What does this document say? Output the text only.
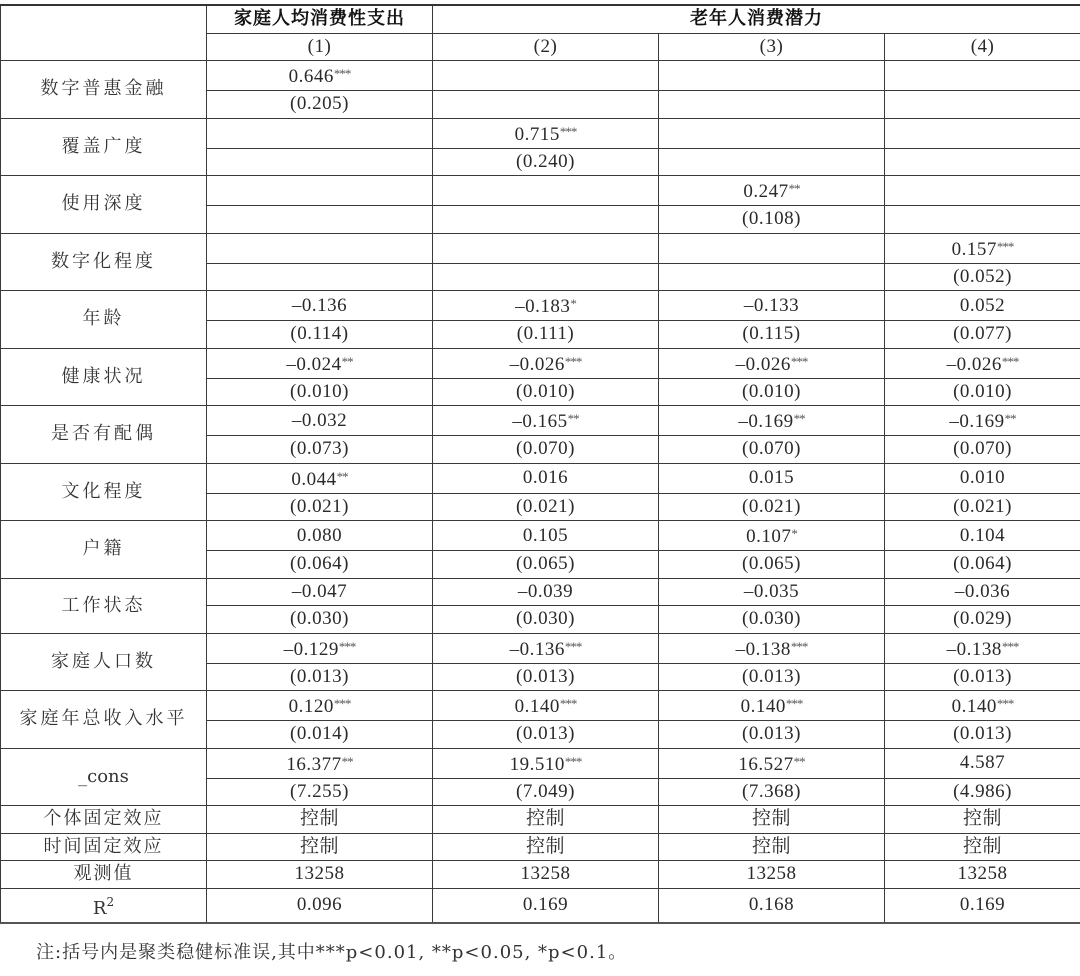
	家庭人均消费性支出	老年人消费潜力		
	(1)	(2)	(3)	(4)
数字普惠金融	0.646***			
	(0.205)			
覆盖广度		0.715***		
		(0.240)		
使用深度			0.247**	
			(0.108)	
数字化程度				0.157***
				(0.052)
年龄	–0.136	–0.183*	–0.133	0.052
	(0.114)	(0.111)	(0.115)	(0.077)
健康状况	–0.024**	–0.026***	–0.026***	–0.026***
	(0.010)	(0.010)	(0.010)	(0.010)
是否有配偶	–0.032	–0.165**	–0.169**	–0.169**
	(0.073)	(0.070)	(0.070)	(0.070)
文化程度	0.044**	0.016	0.015	0.010
	(0.021)	(0.021)	(0.021)	(0.021)
户籍	0.080	0.105	0.107*	0.104
	(0.064)	(0.065)	(0.065)	(0.064)
工作状态	–0.047	–0.039	–0.035	–0.036
	(0.030)	(0.030)	(0.030)	(0.029)
家庭人口数	–0.129***	–0.136***	–0.138***	–0.138***
	(0.013)	(0.013)	(0.013)	(0.013)
家庭年总收入水平	0.120***	0.140***	0.140***	0.140***
	(0.014)	(0.013)	(0.013)	(0.013)
_cons	16.377**	19.510***	16.527**	4.587
	(7.255)	(7.049)	(7.368)	(4.986)
个体固定效应	控制	控制	控制	控制
时间固定效应	控制	控制	控制	控制
观测值	13258	13258	13258	13258
$R^2$	0.096	0.169	0.168	0.169
注:括号内是聚类稳健标准误,其中***p<0.01, **p<0.05, *p<0.1。
